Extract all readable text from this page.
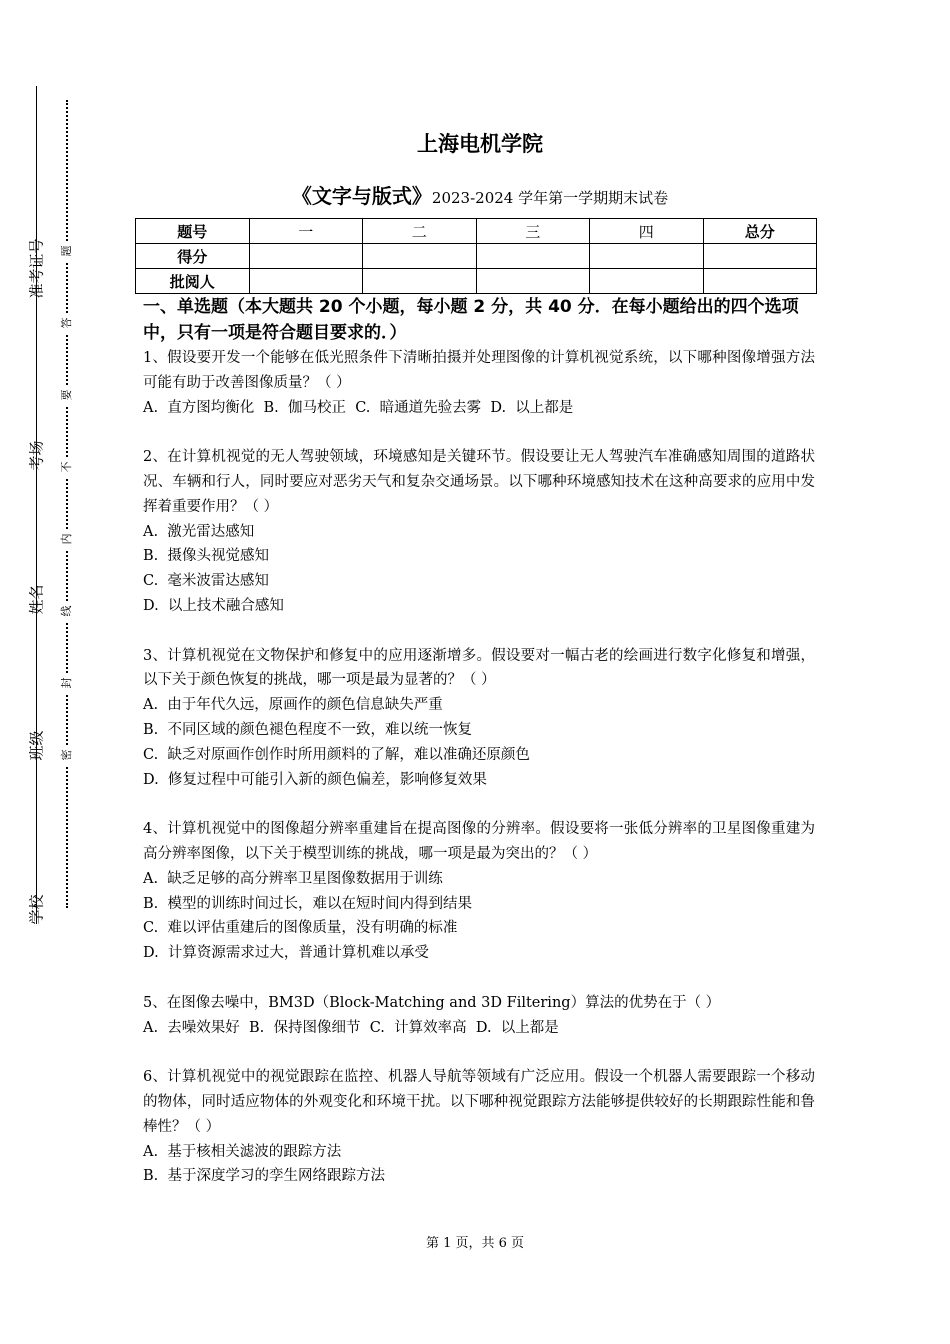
准考证号
考场
姓名
班级
学校
题
答
要
不
内
线
封
密
上海电机学院
《文字与版式》2023-2024 学年第一学期期末试卷
题号	一	二	三	四	总分
得分					
批阅人					
一、单选题（本大题共 20 个小题，每小题 2 分，共 40 分．在每小题给出的四个选项中，只有一项是符合题目要求的．）

1、假设要开发一个能够在低光照条件下清晰拍摄并处理图像的计算机视觉系统，以下哪种图像增强方法可能有助于改善图像质量？（ ）

A.  直方图均衡化  B.  伽马校正  C.  暗通道先验去雾  D.  以上都是

2、在计算机视觉的无人驾驶领域，环境感知是关键环节。假设要让无人驾驶汽车准确感知周围的道路状况、车辆和行人，同时要应对恶劣天气和复杂交通场景。以下哪种环境感知技术在这种高要求的应用中发挥着重要作用？（ ）

A.  激光雷达感知

B.  摄像头视觉感知

C.  毫米波雷达感知

D.  以上技术融合感知

3、计算机视觉在文物保护和修复中的应用逐渐增多。假设要对一幅古老的绘画进行数字化修复和增强，以下关于颜色恢复的挑战，哪一项是最为显著的？（ ）

A.  由于年代久远，原画作的颜色信息缺失严重

B.  不同区域的颜色褪色程度不一致，难以统一恢复

C.  缺乏对原画作创作时所用颜料的了解，难以准确还原颜色

D.  修复过程中可能引入新的颜色偏差，影响修复效果

4、计算机视觉中的图像超分辨率重建旨在提高图像的分辨率。假设要将一张低分辨率的卫星图像重建为高分辨率图像，以下关于模型训练的挑战，哪一项是最为突出的？（ ）

A.  缺乏足够的高分辨率卫星图像数据用于训练

B.  模型的训练时间过长，难以在短时间内得到结果

C.  难以评估重建后的图像质量，没有明确的标准

D.  计算资源需求过大，普通计算机难以承受

5、在图像去噪中，BM3D（Block-Matching and 3D Filtering）算法的优势在于（ ）

A.  去噪效果好  B.  保持图像细节  C.  计算效率高  D.  以上都是

6、计算机视觉中的视觉跟踪在监控、机器人导航等领域有广泛应用。假设一个机器人需要跟踪一个移动的物体，同时适应物体的外观变化和环境干扰。以下哪种视觉跟踪方法能够提供较好的长期跟踪性能和鲁棒性？（ ）

A.  基于核相关滤波的跟踪方法

B.  基于深度学习的孪生网络跟踪方法

第 1 页，共 6 页
